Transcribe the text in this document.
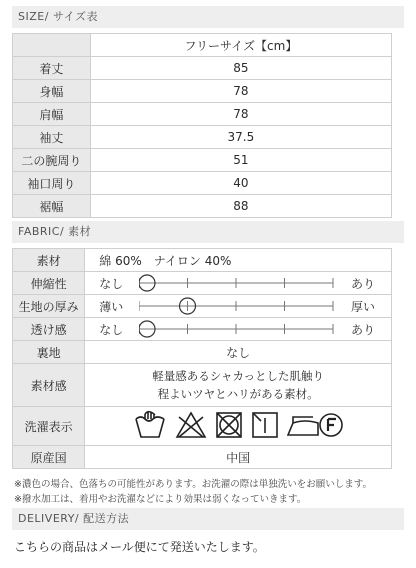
SIZE/ サイズ表
	フリーサイズ【cm】
着丈	85
身幅	78
肩幅	78
袖丈	37.5
二の腕周り	51
袖口周り	40
裾幅	88
FABRIC/ 素材
素材	綿 60%　ナイロン 40%
伸縮性	なし あり

生地の厚み	薄い 厚い

透け感	なし あり

裏地	なし
素材感	軽量感あるシャカっとした肌触り
程よいツヤとハリがある素材。

洗濯表示	
原産国	中国
※濃色の場合、色落ちの可能性があります。お洗濯の際は単独洗いをお願いします。
※撥水加工は、着用やお洗濯などにより効果は弱くなっていきます。
DELIVERY/ 配送方法
こちらの商品はメール便にて発送いたします。
